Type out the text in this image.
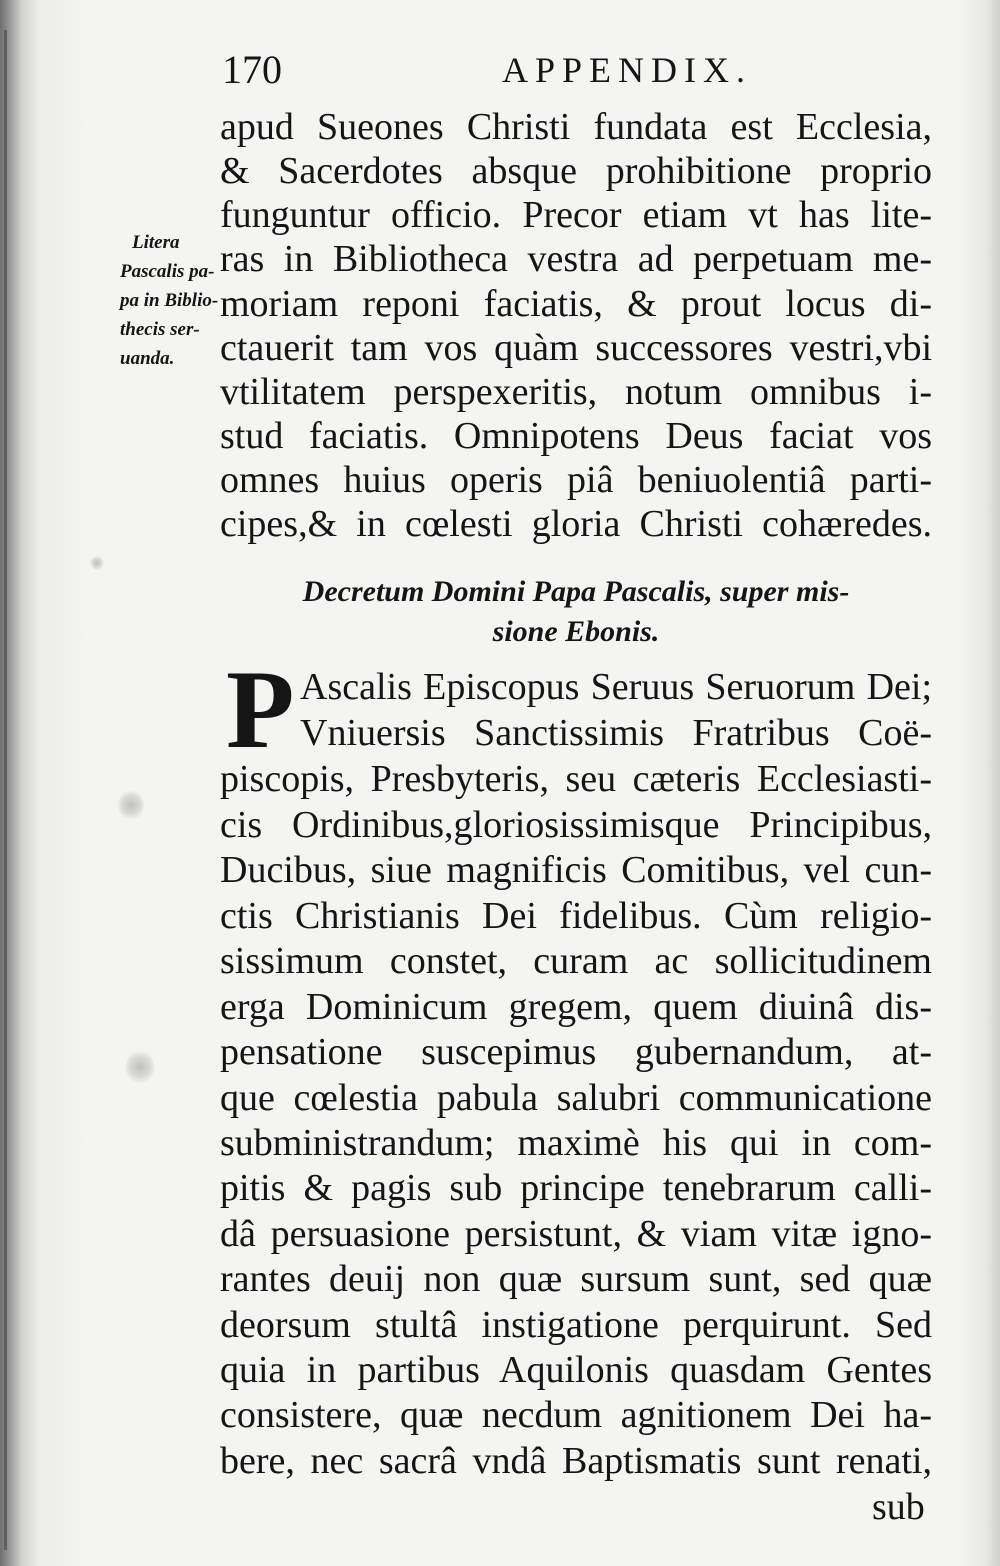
170	APPENDIX.
Litera
Pascalis pa-
pa in Biblio-
thecis ser-
uanda.
apud Sueones Christi fundata est Ecclesia,
& Sacerdotes absque prohibitione proprio
funguntur officio. Precor etiam vt has lite-
ras in Bibliotheca vestra ad perpetuam me-
moriam reponi faciatis, & prout locus di-
ctauerit tam vos quàm successores vestri,vbi
vtilitatem perspexeritis, notum omnibus i-
stud faciatis. Omnipotens Deus faciat vos
omnes huius operis piâ beniuolentiâ parti-
cipes,& in cœlesti gloria Christi cohæredes.
Decretum Domini Papa Pascalis, super mis-
sione Ebonis.
P Ascalis Episcopus Seruus Seruorum Dei;
Vniuersis Sanctissimis Fratribus Coë-
piscopis, Presbyteris, seu cæteris Ecclesiasti-
cis Ordinibus,gloriosissimisque Principibus,
Ducibus, siue magnificis Comitibus, vel cun-
ctis Christianis Dei fidelibus. Cùm religio-
sissimum constet, curam ac sollicitudinem
erga Dominicum gregem, quem diuinâ dis-
pensatione suscepimus gubernandum, at-
que cœlestia pabula salubri communicatione
subministrandum; maximè his qui in com-
pitis & pagis sub principe tenebrarum calli-
dâ persuasione persistunt, & viam vitæ igno-
rantes deuij non quæ sursum sunt, sed quæ
deorsum stultâ instigatione perquirunt. Sed
quia in partibus Aquilonis quasdam Gentes
consistere, quæ necdum agnitionem Dei ha-
bere, nec sacrâ vndâ Baptismatis sunt renati,
sub
